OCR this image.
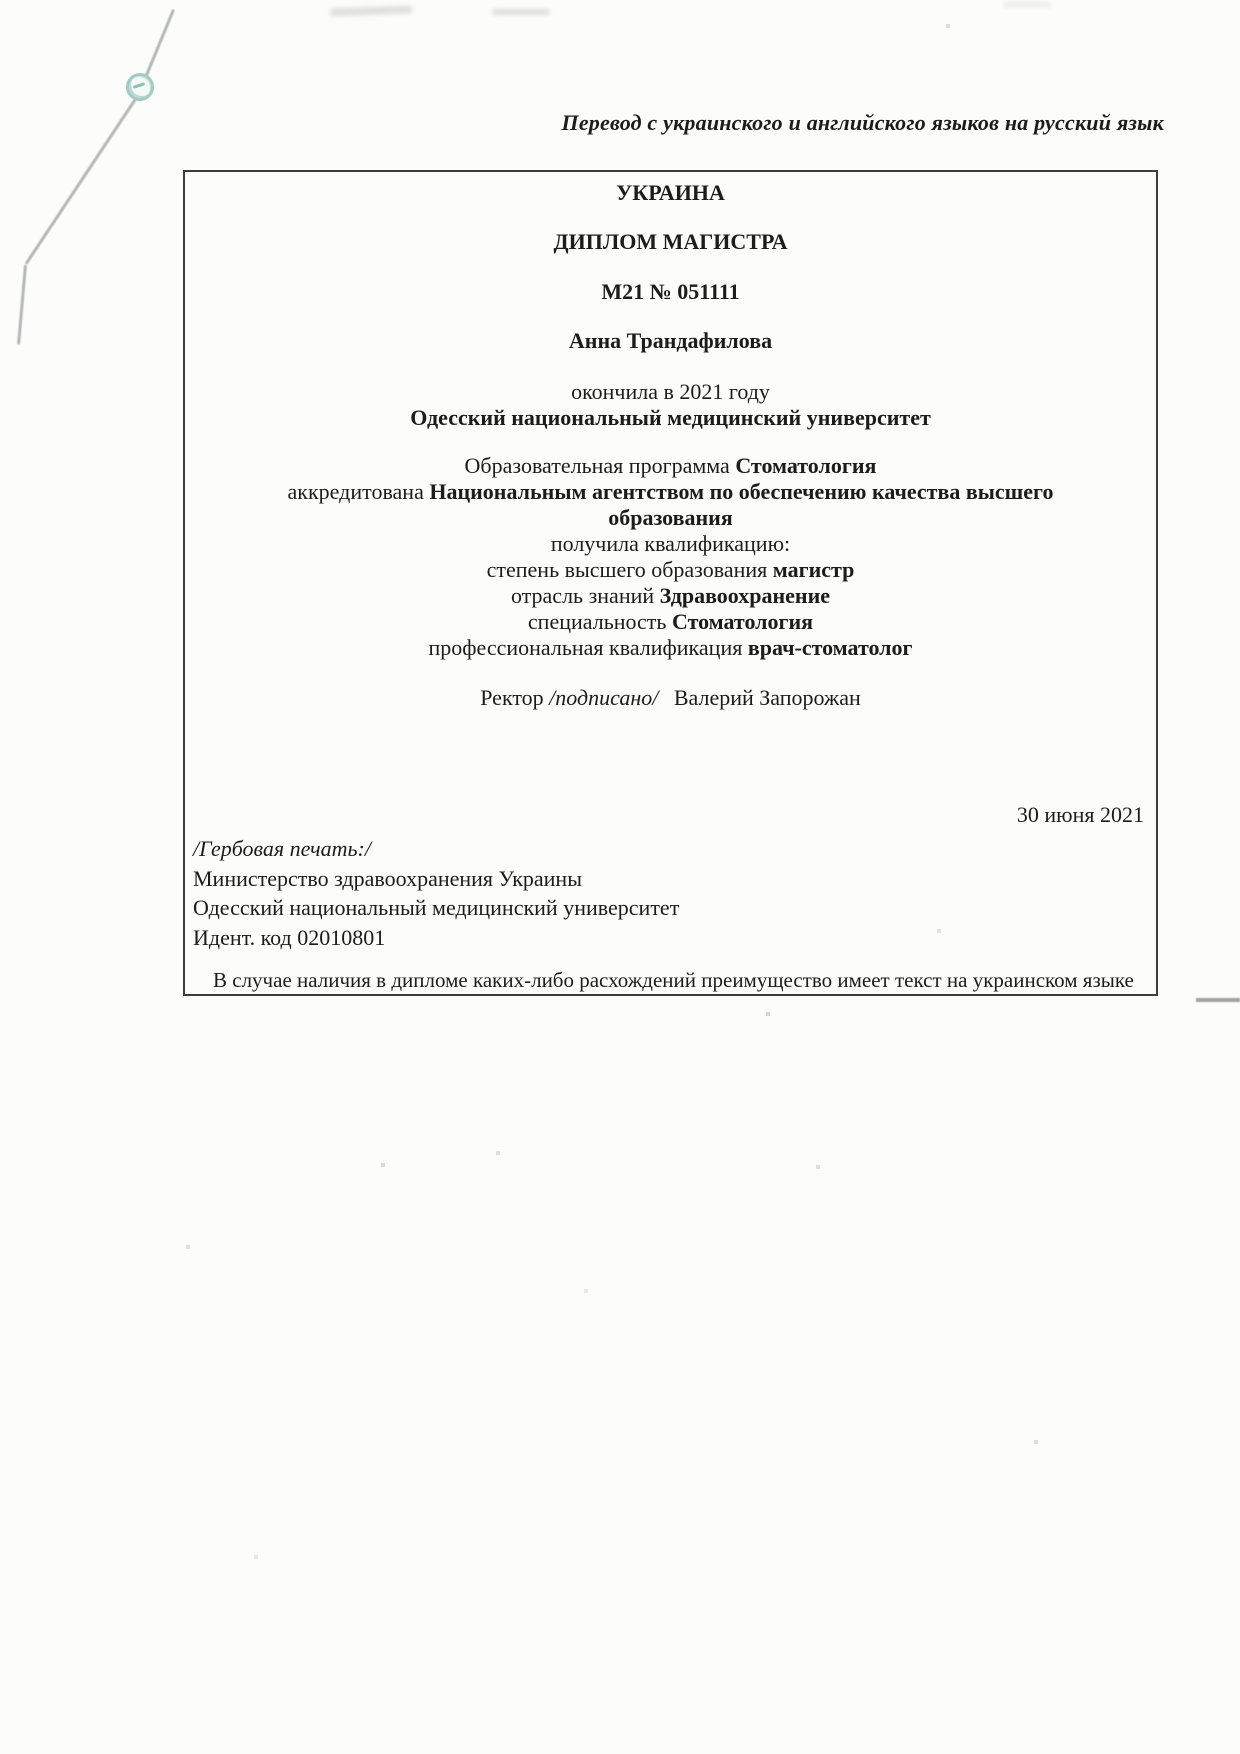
Перевод с украинского и английского языков на русский язык

УКРАИНА

ДИПЛОМ МАГИСТРА

М21 № 051111

Анна Трандафилова

окончила в 2021 году

Одесский национальный медицинский университет

Образовательная программа Стоматология

аккредитована Национальным агентством по обеспечению качества высшего

образования

получила квалификацию:

степень высшего образования магистр

отрасль знаний Здравоохранение

специальность Стоматология

профессиональная квалификация врач-стоматолог

Ректор /подписано/ Валерий Запорожан

30 июня 2021

/Гербовая печать:/

Министерство здравоохранения Украины

Одесский национальный медицинский университет

Идент. код 02010801

В случае наличия в дипломе каких-либо расхождений преимущество имеет текст на украинском языке
